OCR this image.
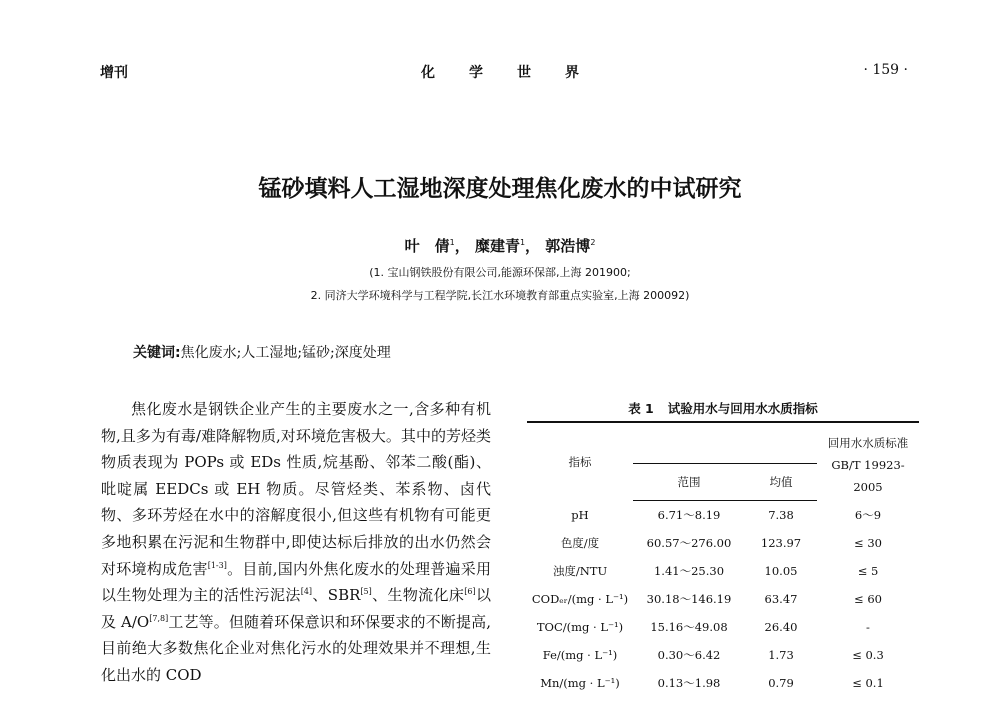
增刊	化学世界	· 159 ·
锰砂填料人工湿地深度处理焦化废水的中试研究
叶　倩$^1$， 糜建青$^1$， 郭浩博$^2$
(1. 宝山钢铁股份有限公司,能源环保部,上海 201900;
2. 同济大学环境科学与工程学院,长江水环境教育部重点实验室,上海 200092)
关键词:焦化废水;人工湿地;锰砂;深度处理
焦化废水是钢铁企业产生的主要废水之一,含多种有机物,且多为有毒/难降解物质,对环境危害极大。其中的芳烃类物质表现为 POPs 或 EDs 性质,烷基酚、邻苯二酸(酯)、吡啶属 EEDCs 或 EH 物质。尽管烃类、苯系物、卤代物、多环芳烃在水中的溶解度很小,但这些有机物有可能更多地积累在污泥和生物群中,即使达标后排放的出水仍然会对环境构成危害[1-3]。目前,国内外焦化废水的处理普遍采用以生物处理为主的活性污泥法[4]、SBR[5]、生物流化床[6]以及 A/O[7,8]工艺等。但随着环保意识和环保要求的不断提高,目前绝大多数焦化企业对焦化污水的处理效果并不理想,生化出水的 COD
表 1 试验用水与回用水水质指标
指标			回用水水质标准 GB/T 19923-2005
	范围	均值	
pH	6.71～8.19	7.38	6～9
色度/度	60.57～276.00	123.97	≤ 30
浊度/NTU	1.41～25.30	10.05	≤ 5
CODₑᵣ/(mg · L⁻¹)	30.18～146.19	63.47	≤ 60
TOC/(mg · L⁻¹)	15.16～49.08	26.40	-
Fe/(mg · L⁻¹)	0.30～6.42	1.73	≤ 0.3
Mn/(mg · L⁻¹)	0.13～1.98	0.79	≤ 0.1
